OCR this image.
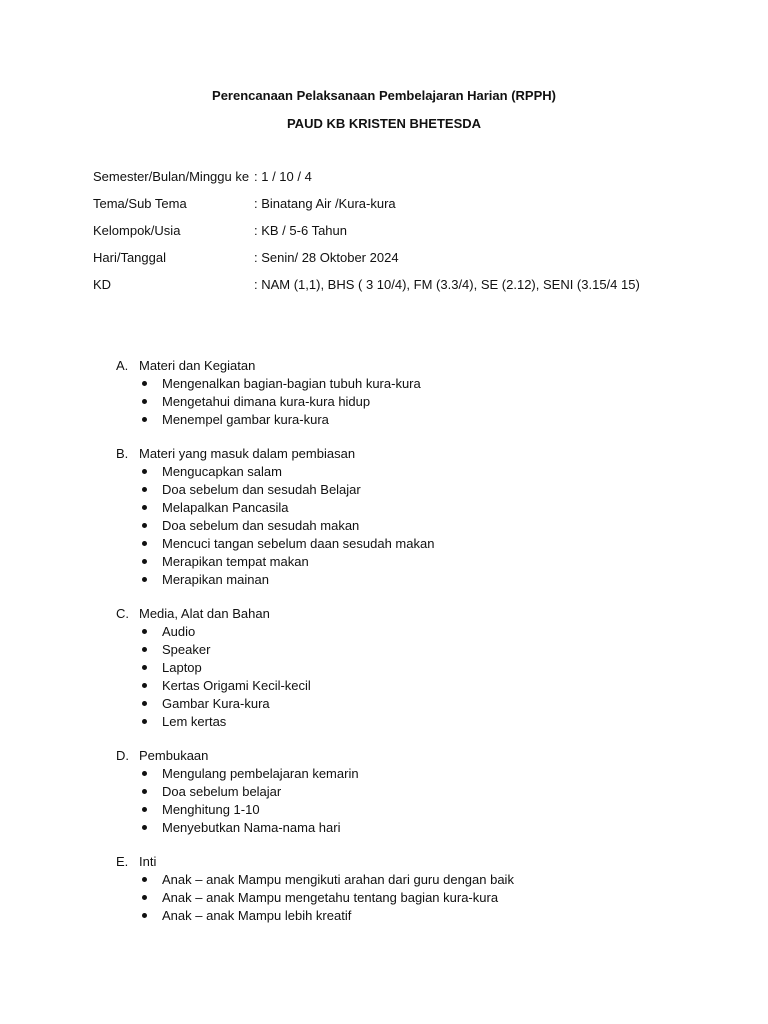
Perencanaan Pelaksanaan Pembelajaran Harian (RPPH)
PAUD KB KRISTEN BHETESDA
Semester/Bulan/Minggu ke : 1 / 10 / 4
Tema/Sub Tema	: Binatang Air /Kura-kura
Kelompok/Usia	: KB / 5-6 Tahun
Hari/Tanggal	: Senin/ 28 Oktober 2024
KD	: NAM (1,1), BHS ( 3 10/4), FM (3.3/4), SE (2.12), SENI (3.15/4 15)
A. Materi dan Kegiatan
Mengenalkan bagian-bagian tubuh kura-kura
Mengetahui dimana kura-kura hidup
Menempel gambar kura-kura
B. Materi yang masuk dalam pembiasan
Mengucapkan salam
Doa sebelum dan sesudah Belajar
Melapalkan Pancasila
Doa sebelum dan sesudah makan
Mencuci tangan sebelum daan sesudah makan
Merapikan tempat makan
Merapikan mainan
C. Media, Alat dan Bahan
Audio
Speaker
Laptop
Kertas Origami Kecil-kecil
Gambar Kura-kura
Lem kertas
D. Pembukaan
Mengulang pembelajaran kemarin
Doa sebelum belajar
Menghitung 1-10
Menyebutkan Nama-nama hari
E. Inti
Anak – anak Mampu mengikuti arahan dari guru dengan baik
Anak – anak Mampu mengetahu tentang bagian kura-kura
Anak – anak Mampu lebih kreatif
